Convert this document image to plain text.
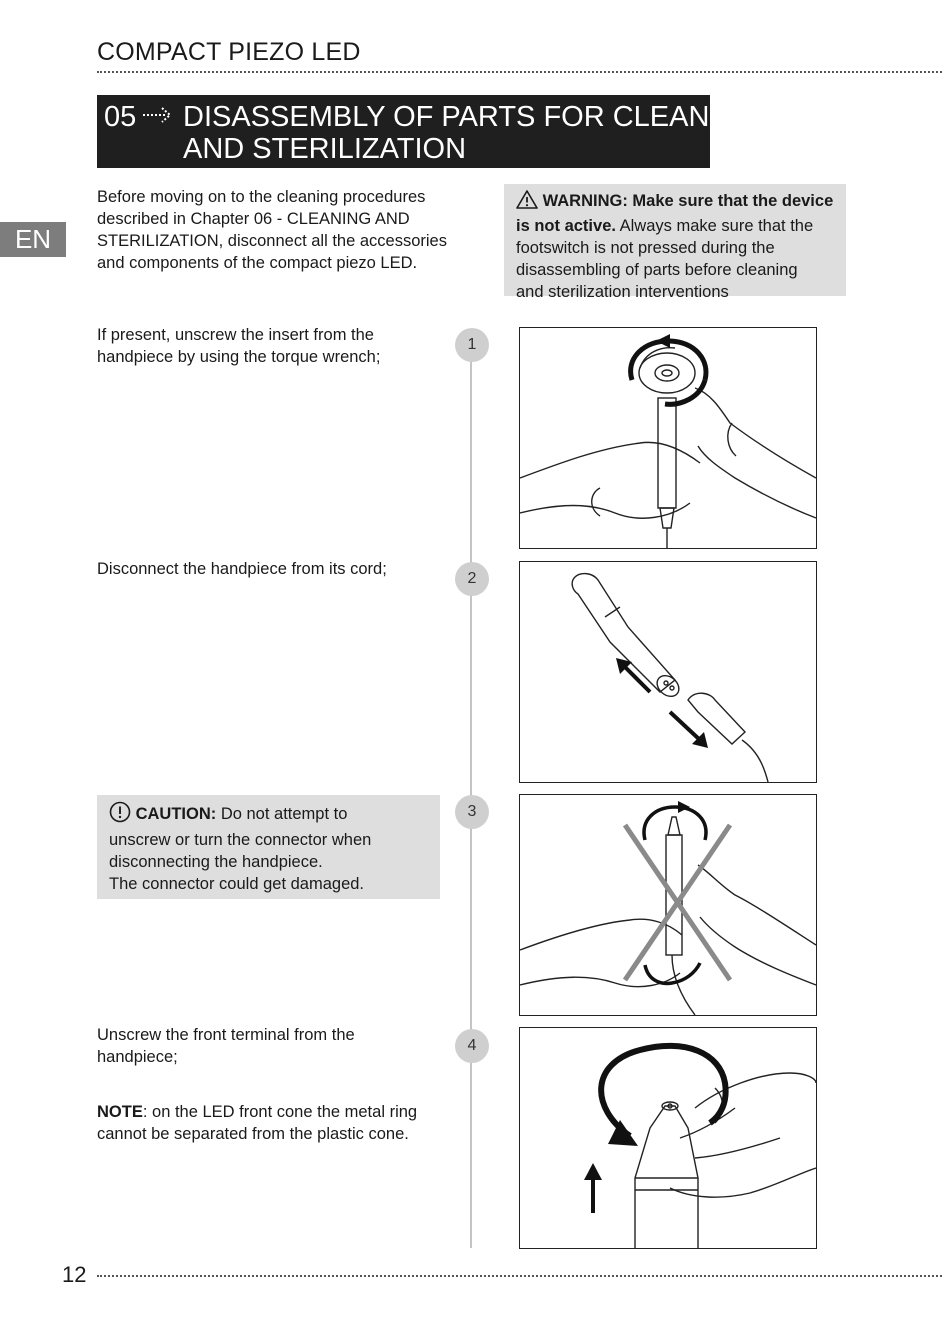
COMPACT PIEZO LED
05 DISASSEMBLY OF PARTS FOR CLEANING
AND STERILIZATION
EN
Before moving on to the cleaning procedures
described in Chapter 06 - CLEANING AND
STERILIZATION, disconnect all the accessories
and components of the compact piezo LED.
WARNING: Make sure that the device
is not active. Always make sure that the
footswitch is not pressed during the
disassembling of parts before cleaning
and sterilization interventions
1
2
3
4
If present, unscrew the insert from the
handpiece by using the torque wrench;
Disconnect the handpiece from its cord;
CAUTION: Do not attempt to
unscrew or turn the connector when
disconnecting the handpiece.
The connector could get damaged.
Unscrew the front terminal from the
handpiece;
NOTE: on the LED front cone the metal ring
cannot be separated from the plastic cone.
12
